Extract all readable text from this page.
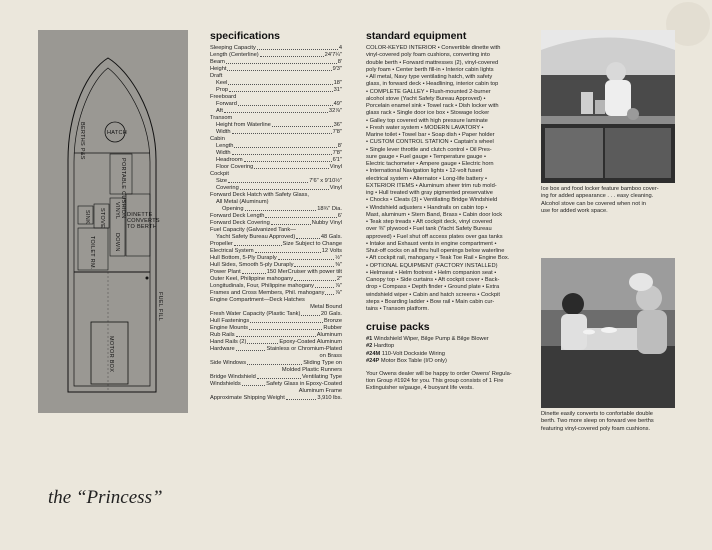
BERTHS P&S	HATCH
PORTABLE CUSHION
SINK STOVE VINYL
DOWN
TOILET RM.
DINETTE
CONVERTS
TO BERTH
FUEL FILL
MOTOR BOX
specifications
Sleeping Capacity	4
Length (Centerline)	24'7¼"
Beam	8'
Height	9'3"
Draft
Keel	18"
Prop	31"
Freeboard
Forward	49"
Aft	32⅞"
Transom
Height from Waterline	36"
Width	7'8"
Cabin
Length	8'
Width	7'8"
Headroom	6'1"
Floor Covering	Vinyl
Cockpit
Size	7'6" x 9'10½"
Covering	Vinyl
Forward Deck Hatch with Safety Glass,
All Metal (Aluminum)
Opening	18¾" Dia.
Forward Deck Length	6'
Forward Deck Covering	Nubby Vinyl
Fuel Capacity (Galvanized Tank—
Yacht Safety Bureau Approved)	48 Gals.
Propeller	Size Subject to Change
Electrical System	12 Volts
Hull Bottom, 5-Ply Duraply	½"
Hull Sides, Smooth 5-ply Duraply	⅜"
Power Plant	150 MerCruiser with power tilt
Outer Keel, Philippine mahogany	2"
Longitudinals, Four, Philippine mahogany	⅞"
Frames and Cross Members, Phil. mahogany ⅞"
Engine Compartment—Deck Hatches
Metal Bound
Fresh Water Capacity (Plastic Tank)	20 Gals.
Hull Fastenings	Bronze
Engine Mounts	Rubber
Rub Rails	Aluminum
Hand Rails (2)	Epoxy-Coated Aluminum
Hardware	Stainless or Chromium-Plated
on Brass
Side Windows	Sliding Type on
Molded Plastic Runners
Bridge Windshield	Ventilating Type
Windshields	Safety Glass in Epoxy-Coated
Aluminum Frame
Approximate Shipping Weight	3,910 lbs.
standard equipment
COLOR-KEYED INTERIOR • Convertible dinette with
vinyl-covered poly foam cushions, converting into
double berth • Forward mattresses (2), vinyl-covered
poly foam • Center berth fill-in • Interior cabin lights
• All metal, Navy type ventilating hatch, with safety
glass, in forward deck • Headlining, interior cabin top
• COMPLETE GALLEY • Flush-mounted 2-burner
alcohol stove (Yacht Safety Bureau Approved) •
Porcelain enamel sink • Towel rack • Dish locker with
glass rack • Single door ice box • Stowage locker
• Galley top covered with high pressure laminate
• Fresh water system • MODERN LAVATORY •
Marine toilet • Towel bar • Soap dish • Paper holder
• CUSTOM CONTROL STATION • Captain's wheel
• Single lever throttle and clutch control • Oil Pres-
sure gauge • Fuel gauge • Temperature gauge •
Electric tachometer • Ampere gauge • Electric horn
• International Navigation lights • 12-volt fused
electrical system • Alternator • Long-life battery •
EXTERIOR ITEMS • Aluminum sheer trim rub mold-
ing • Hull treated with gray pigmented preservative
• Chocks • Cleats (3) • Ventilating Bridge Windshield
• Windshield adjusters • Handrails on cabin top •
Mast, aluminum • Stern Band, Brass • Cabin door lock
• Teak step treads • Aft cockpit deck, vinyl covered
over ⅜" plywood • Fuel tank (Yacht Safety Bureau
approved) • Fuel shut off access plates over gas tanks
• Intake and Exhaust vents in engine compartment •
Shut-off cocks on all thru hull openings below waterline
• Aft cockpit rail, mahogany • Teak Toe Rail • Engine Box.
• OPTIONAL EQUIPMENT (FACTORY INSTALLED)
• Helmseat • Helm footrest • Helm companion seat •
Canopy top • Side curtains • Aft cockpit cover • Back-
drop • Compass • Depth finder • Ground plate • Extra
windshield wiper • Cabin and hatch screens • Cockpit
steps • Boarding ladder • Bow rail • Main cabin cur-
tains • Transom platform.
cruise packs
#1 Windshield Wiper, Bilge Pump & Bilge Blower
#2 Hardtop
#24M 110-Volt Dockside Wiring
#24P Motor Box Table (I/O only)
Your Owens dealer will be happy to order Owens' Regula-
tion Group #1924 for you. This group consists of 1 Fire
Extinguisher w/gauge, 4 buoyant life vests.
Ice box and food locker feature bamboo cover-
ing for added appearance . . . easy cleaning.
Alcohol stove can be covered when not in
use for added work space.
Dinette easily converts to confortable double
berth. Two more sleep on forward vee berths
featuring vinyl-covered poly foam cushions.
the “Princess”
